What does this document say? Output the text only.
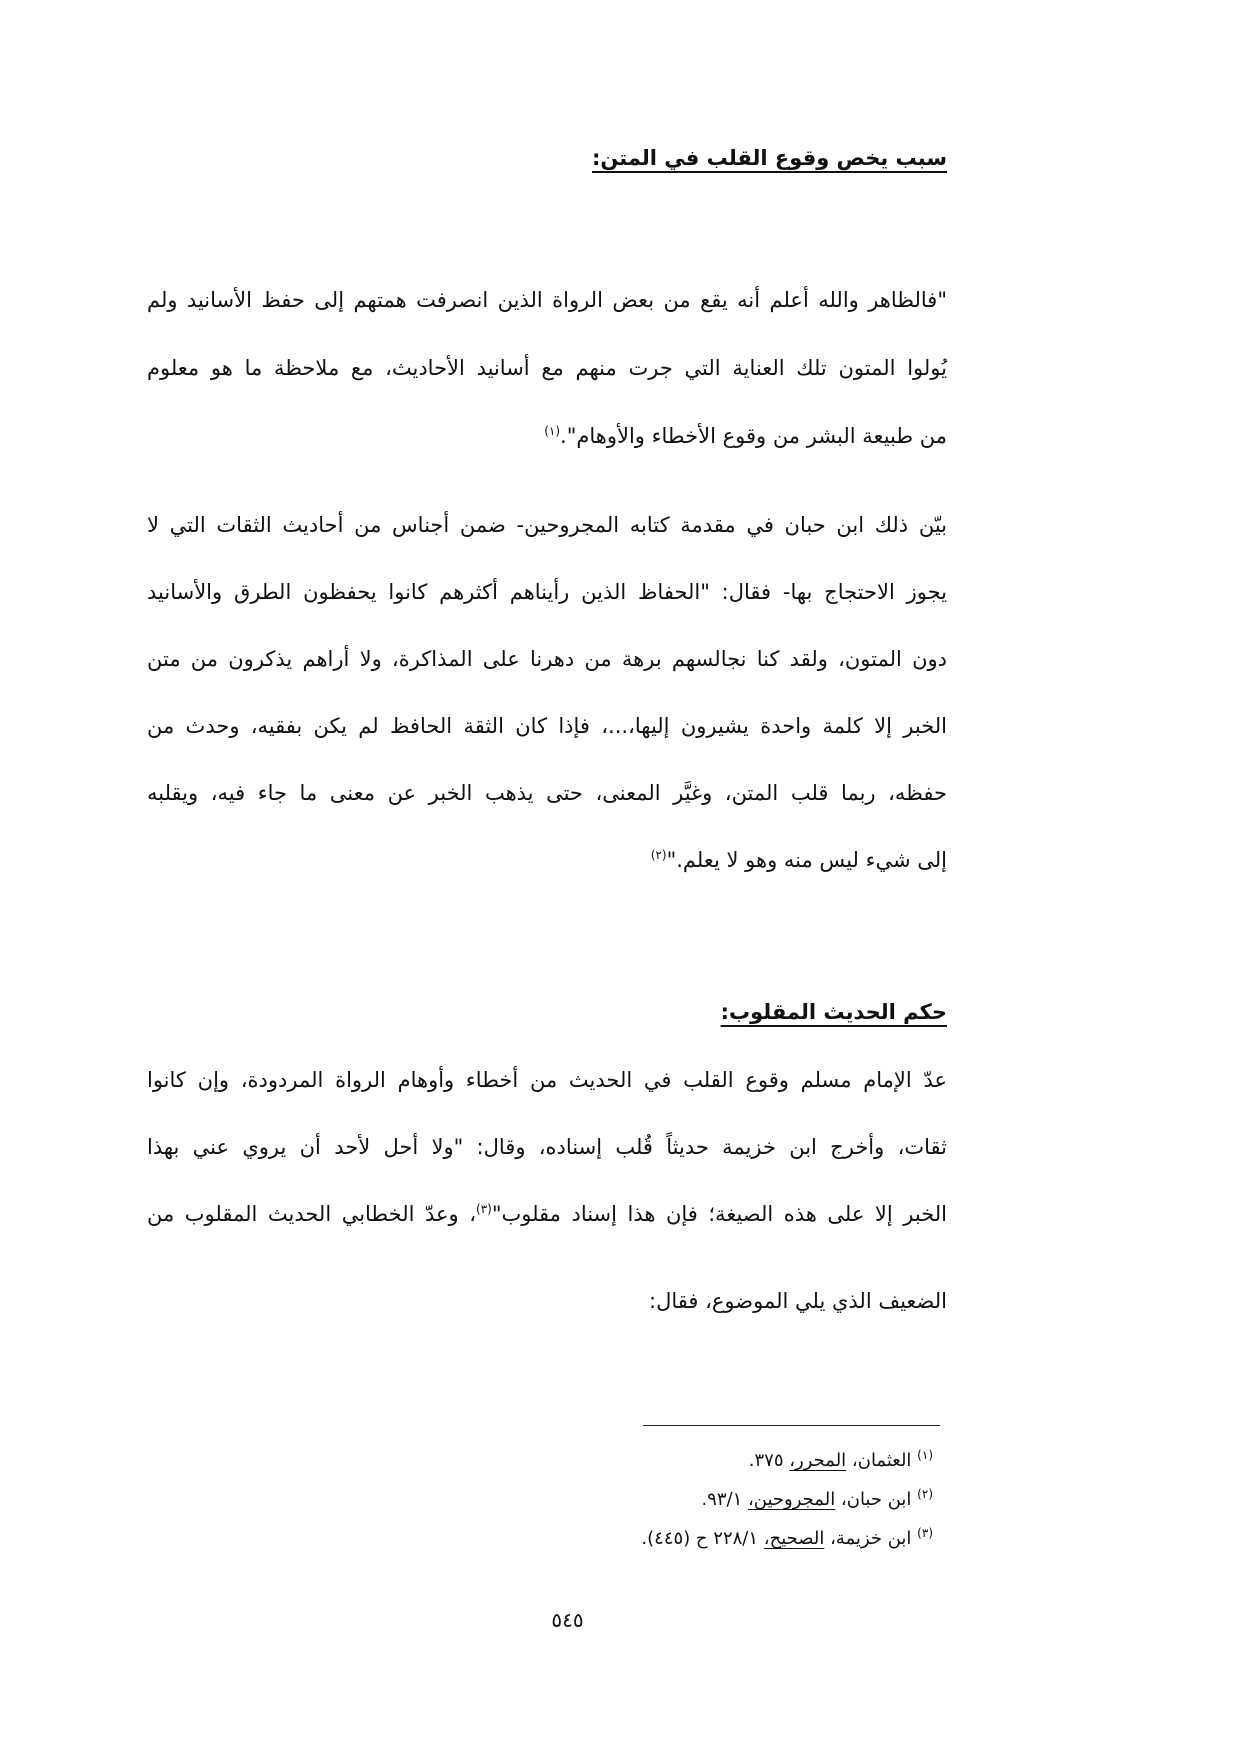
سبب يخص وقوع القلب في المتن:
"فالظاهر والله أعلم أنه يقع من بعض الرواة الذين انصرفت همتهم إلى حفظ الأسانيد ولم
يُولوا المتون تلك العناية التي جرت منهم مع أسانيد الأحاديث، مع ملاحظة ما هو معلوم
من طبيعة البشر من وقوع الأخطاء والأوهام".$^{(١)}$
بيّن ذلك ابن حبان في مقدمة كتابه المجروحين- ضمن أجناس من أحاديث الثقات التي لا
يجوز الاحتجاج بها- فقال: "الحفاظ الذين رأيناهم أكثرهم كانوا يحفظون الطرق والأسانيد
دون المتون، ولقد كنا نجالسهم برهة من دهرنا على المذاكرة، ولا أراهم يذكرون من متن
الخبر إلا كلمة واحدة يشيرون إليها،...، فإذا كان الثقة الحافظ لم يكن بفقيه، وحدث من
حفظه، ربما قلب المتن، وغيَّر المعنى، حتى يذهب الخبر عن معنى ما جاء فيه، ويقلبه
إلى شيء ليس منه وهو لا يعلم."$^{(٢)}$
حكم الحديث المقلوب:
عدّ الإمام مسلم وقوع القلب في الحديث من أخطاء وأوهام الرواة المردودة، وإن كانوا
ثقات، وأخرج ابن خزيمة حديثاً قُلب إسناده، وقال: "ولا أحل لأحد أن يروي عني بهذا
الخبر إلا على هذه الصيغة؛ فإن هذا إسناد مقلوب"$^{(٣)}$، وعدّ الخطابي الحديث المقلوب من
الضعيف الذي يلي الموضوع، فقال:
$^{(١)}$ العثمان، المحرر، ٣٧٥.
$^{(٢)}$ ابن حبان، المجروحين، ٩٣/١.
$^{(٣)}$ ابن خزيمة، الصحيح، ٢٢٨/١ ح (٤٤٥).
٥٤٥
